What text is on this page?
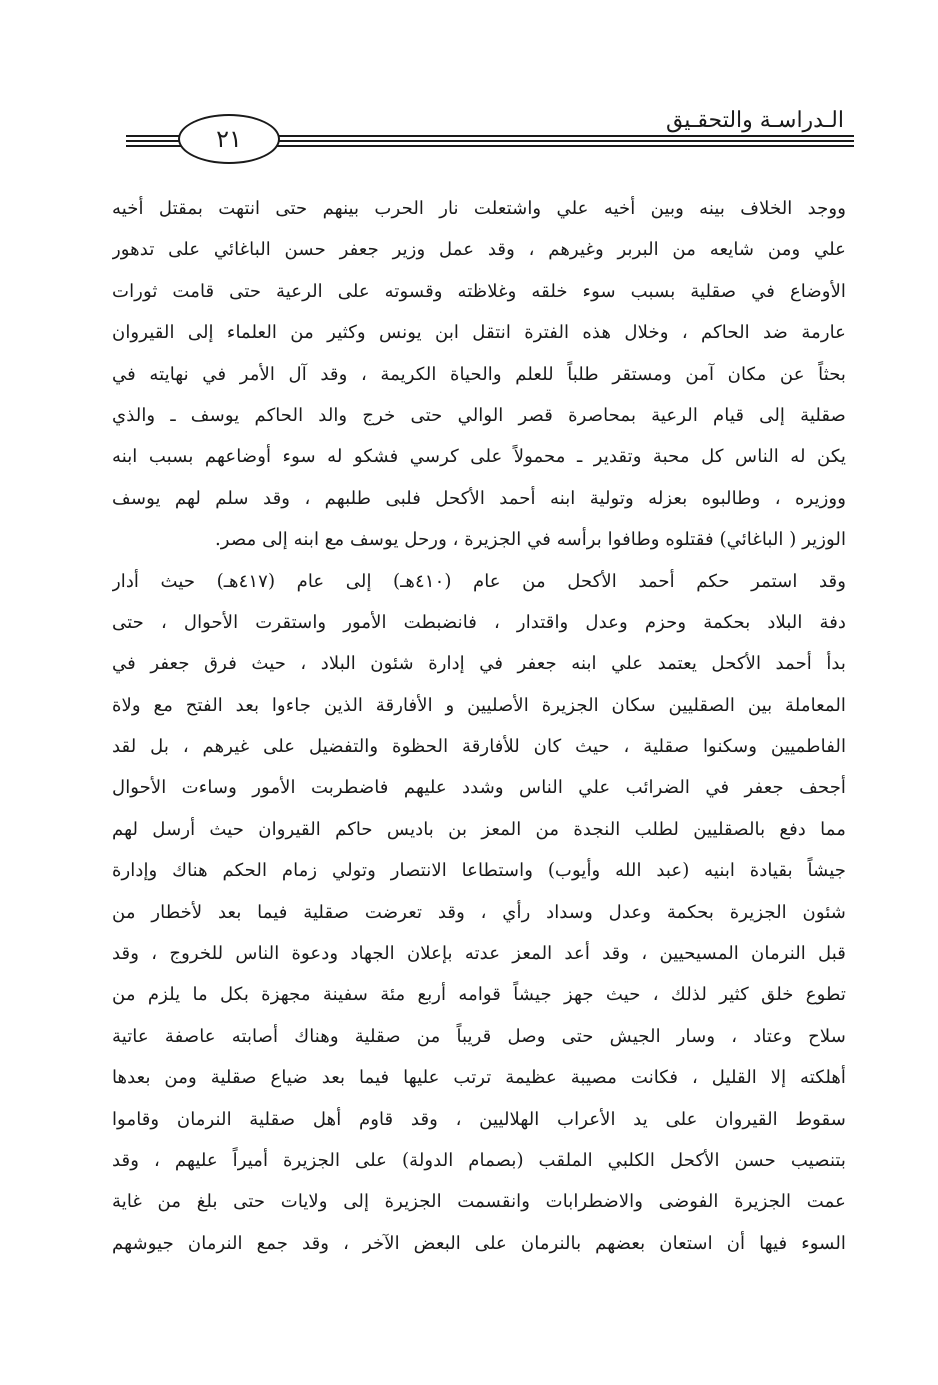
٢١
الـدراسـة والتحقـيق
ووجد الخلاف بينه وبين أخيه علي واشتعلت نار الحرب بينهم حتى انتهت بمقتل أخيه
علي ومن شايعه من البربر وغيرهم ، وقد عمل وزير جعفر حسن الباغائي على تدهور
الأوضاع في صقلية بسبب سوء خلقه وغلاظته وقسوته على الرعية حتى قامت ثورات
عارمة ضد الحاكم ، وخلال هذه الفترة انتقل ابن يونس وكثير من العلماء إلى القيروان
بحثاً عن مكان آمن ومستقر طلباً للعلم والحياة الكريمة ، وقد آل الأمر في نهايته في
صقلية إلى قيام الرعية بمحاصرة قصر الوالي حتى خرج والد الحاكم يوسف ـ والذي
يكن له الناس كل محبة وتقدير ـ محمولاً على كرسي فشكو له سوء أوضاعهم بسبب ابنه
ووزيره ، وطالبوه بعزله وتولية ابنه أحمد الأكحل فلبى طلبهم ، وقد سلم لهم يوسف
الوزير ( الباغائي) فقتلوه وطافوا برأسه في الجزيرة ، ورحل يوسف مع ابنه إلى مصر.
وقد استمر حكم أحمد الأكحل من عام (٤١٠هـ) إلى عام (٤١٧هـ) حيث أدار
دفة البلاد بحكمة وحزم وعدل واقتدار ، فانضبطت الأمور واستقرت الأحوال ، حتى
بدأ أحمد الأكحل يعتمد علي ابنه جعفر في إدارة شئون البلاد ، حيث فرق جعفر في
المعاملة بين الصقليين سكان الجزيرة الأصليين و الأفارقة الذين جاءوا بعد الفتح مع ولاة
الفاطميين وسكنوا صقلية ، حيث كان للأفارقة الحظوة والتفضيل على غيرهم ، بل لقد
أجحف جعفر في الضرائب علي الناس وشدد عليهم فاضطربت الأمور وساءت الأحوال
مما دفع بالصقليين لطلب النجدة من المعز بن باديس حاكم القيروان حيث أرسل لهم
جيشاً بقيادة ابنيه (عبد الله وأيوب) واستطاعا الانتصار وتولي زمام الحكم هناك وإدارة
شئون الجزيرة بحكمة وعدل وسداد رأي ، وقد تعرضت صقلية فيما بعد لأخطار من
قبل النرمان المسيحيين ، وقد أعد المعز عدته بإعلان الجهاد ودعوة الناس للخروج ، وقد
تطوع خلق كثير لذلك ، حيث جهز جيشاً قوامه أربع مئة سفينة مجهزة بكل ما يلزم من
سلاح وعتاد ، وسار الجيش حتى وصل قريباً من صقلية وهناك أصابته عاصفة عاتية
أهلكته إلا القليل ، فكانت مصيبة عظيمة ترتب عليها فيما بعد ضياع صقلية ومن بعدها
سقوط القيروان على يد الأعراب الهلاليين ، وقد قاوم أهل صقلية النرمان وقاموا
بتنصيب حسن الأكحل الكلبي الملقب (بصمام الدولة) على الجزيرة أميراً عليهم ، وقد
عمت الجزيرة الفوضى والاضطرابات وانقسمت الجزيرة إلى ولايات حتى بلغ من غاية
السوء فيها أن استعان بعضهم بالنرمان على البعض الآخر ، وقد جمع النرمان جيوشهم
